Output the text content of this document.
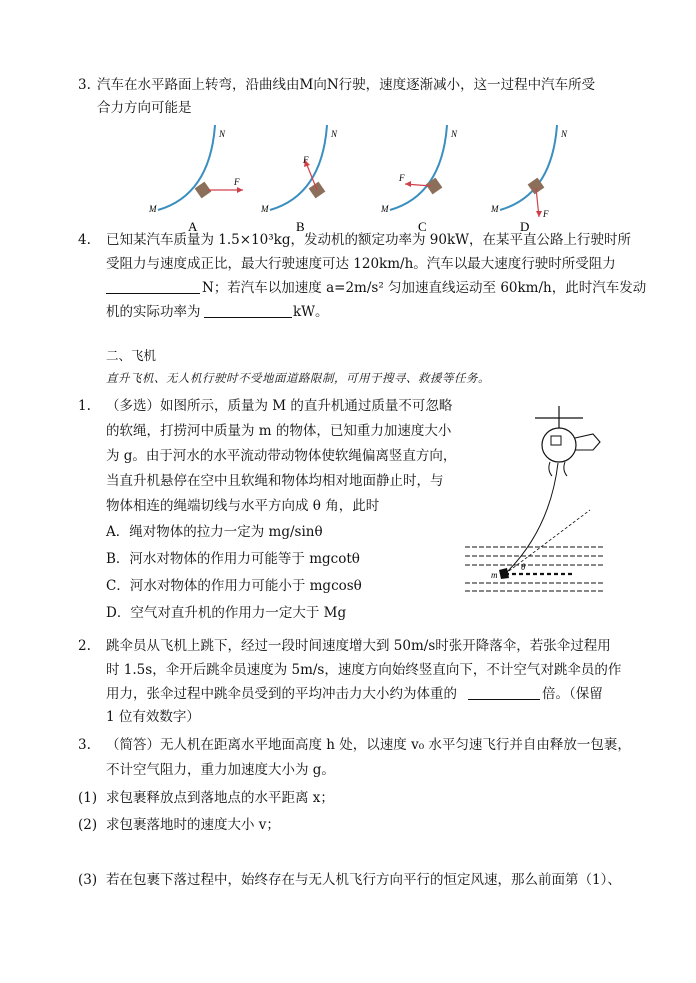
3. 汽车在水平路面上转弯，沿曲线由M向N行驶，速度逐渐减小，这一过程中汽车所受
合力方向可能是
F
M
N
A
F
M
N
B
F
M
N
C
F
M
N
D
4. 已知某汽车质量为 1.5×10³kg，发动机的额定功率为 90kW，在某平直公路上行驶时所
受阻力与速度成正比，最大行驶速度可达 120km/h。汽车以最大速度行驶时所受阻力
N；若汽车以加速度 a=2m/s² 匀加速直线运动至 60km/h，此时汽车发动
机的实际功率为	kW。
二、飞机
直升飞机、无人机行驶时不受地面道路限制，可用于搜寻、救援等任务。
1. （多选）如图所示，质量为 M 的直升机通过质量不可忽略
的软绳，打捞河中质量为 m 的物体，已知重力加速度大小
为 g。由于河水的水平流动带动物体使软绳偏离竖直方向，
当直升机悬停在空中且软绳和物体均相对地面静止时，与
物体相连的绳端切线与水平方向成 θ 角，此时
A．绳对物体的拉力一定为 mg/sinθ
B．河水对物体的作用力可能等于 mgcotθ
C．河水对物体的作用力可能小于 mgcosθ
D．空气对直升机的作用力一定大于 Mg
m
θ
2. 跳伞员从飞机上跳下，经过一段时间速度增大到 50m/s时张开降落伞，若张伞过程用
时 1.5s，伞开后跳伞员速度为 5m/s，速度方向始终竖直向下，不计空气对跳伞员的作
用力，张伞过程中跳伞员受到的平均冲击力大小约为体重的	倍。（保留
1 位有效数字）
3. （简答）无人机在距离水平地面高度 h 处，以速度 v₀ 水平匀速飞行并自由释放一包裹，
不计空气阻力，重力加速度大小为 g。
(1) 求包裹释放点到落地点的水平距离 x；
(2) 求包裹落地时的速度大小 v；
(3) 若在包裹下落过程中，始终存在与无人机飞行方向平行的恒定风速，那么前面第（1）、
